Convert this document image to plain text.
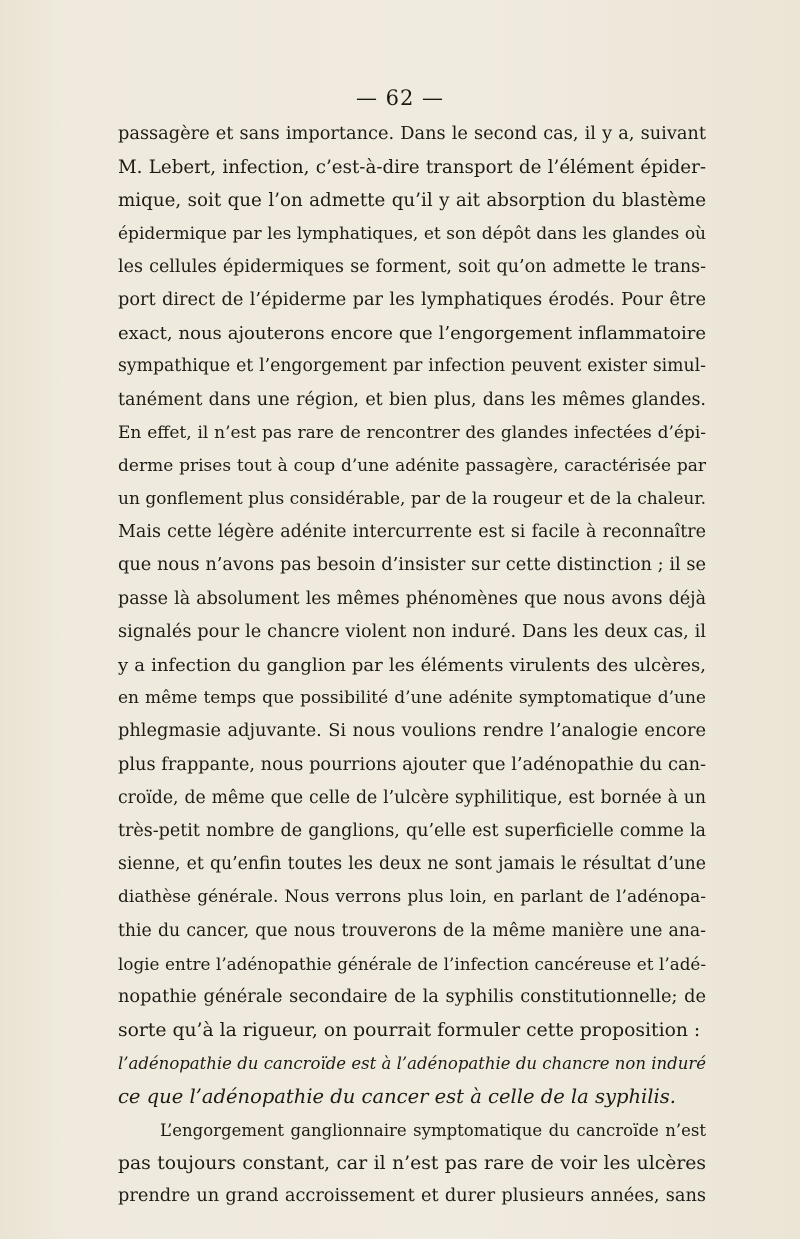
— 62 —
passagère et sans importance. Dans le second cas, il y a, suivant
M. Lebert, infection, c’est-à-dire transport de l’élément épider-
mique, soit que l’on admette qu’il y ait absorption du blastème
épidermique par les lymphatiques, et son dépôt dans les glandes où
les cellules épidermiques se forment, soit qu’on admette le trans-
port direct de l’épiderme par les lymphatiques érodés. Pour être
exact, nous ajouterons encore que l’engorgement inflammatoire
sympathique et l’engorgement par infection peuvent exister simul-
tanément dans une région, et bien plus, dans les mêmes glandes.
En effet, il n’est pas rare de rencontrer des glandes infectées d’épi-
derme prises tout à coup d’une adénite passagère, caractérisée par
un gonflement plus considérable, par de la rougeur et de la chaleur.
Mais cette légère adénite intercurrente est si facile à reconnaître
que nous n’avons pas besoin d’insister sur cette distinction ; il se
passe là absolument les mêmes phénomènes que nous avons déjà
signalés pour le chancre violent non induré. Dans les deux cas, il
y a infection du ganglion par les éléments virulents des ulcères,
en même temps que possibilité d’une adénite symptomatique d’une
phlegmasie adjuvante. Si nous voulions rendre l’analogie encore
plus frappante, nous pourrions ajouter que l’adénopathie du can-
croïde, de même que celle de l’ulcère syphilitique, est bornée à un
très-petit nombre de ganglions, qu’elle est superficielle comme la
sienne, et qu’enfin toutes les deux ne sont jamais le résultat d’une
diathèse générale. Nous verrons plus loin, en parlant de l’adénopa-
thie du cancer, que nous trouverons de la même manière une ana-
logie entre l’adénopathie générale de l’infection cancéreuse et l’adé-
nopathie générale secondaire de la syphilis constitutionnelle; de
sorte qu’à la rigueur, on pourrait formuler cette proposition :
l’adénopathie du cancroïde est à l’adénopathie du chancre non induré
ce que l’adénopathie du cancer est à celle de la syphilis.
L’engorgement ganglionnaire symptomatique du cancroïde n’est
pas toujours constant, car il n’est pas rare de voir les ulcères
prendre un grand accroissement et durer plusieurs années, sans
